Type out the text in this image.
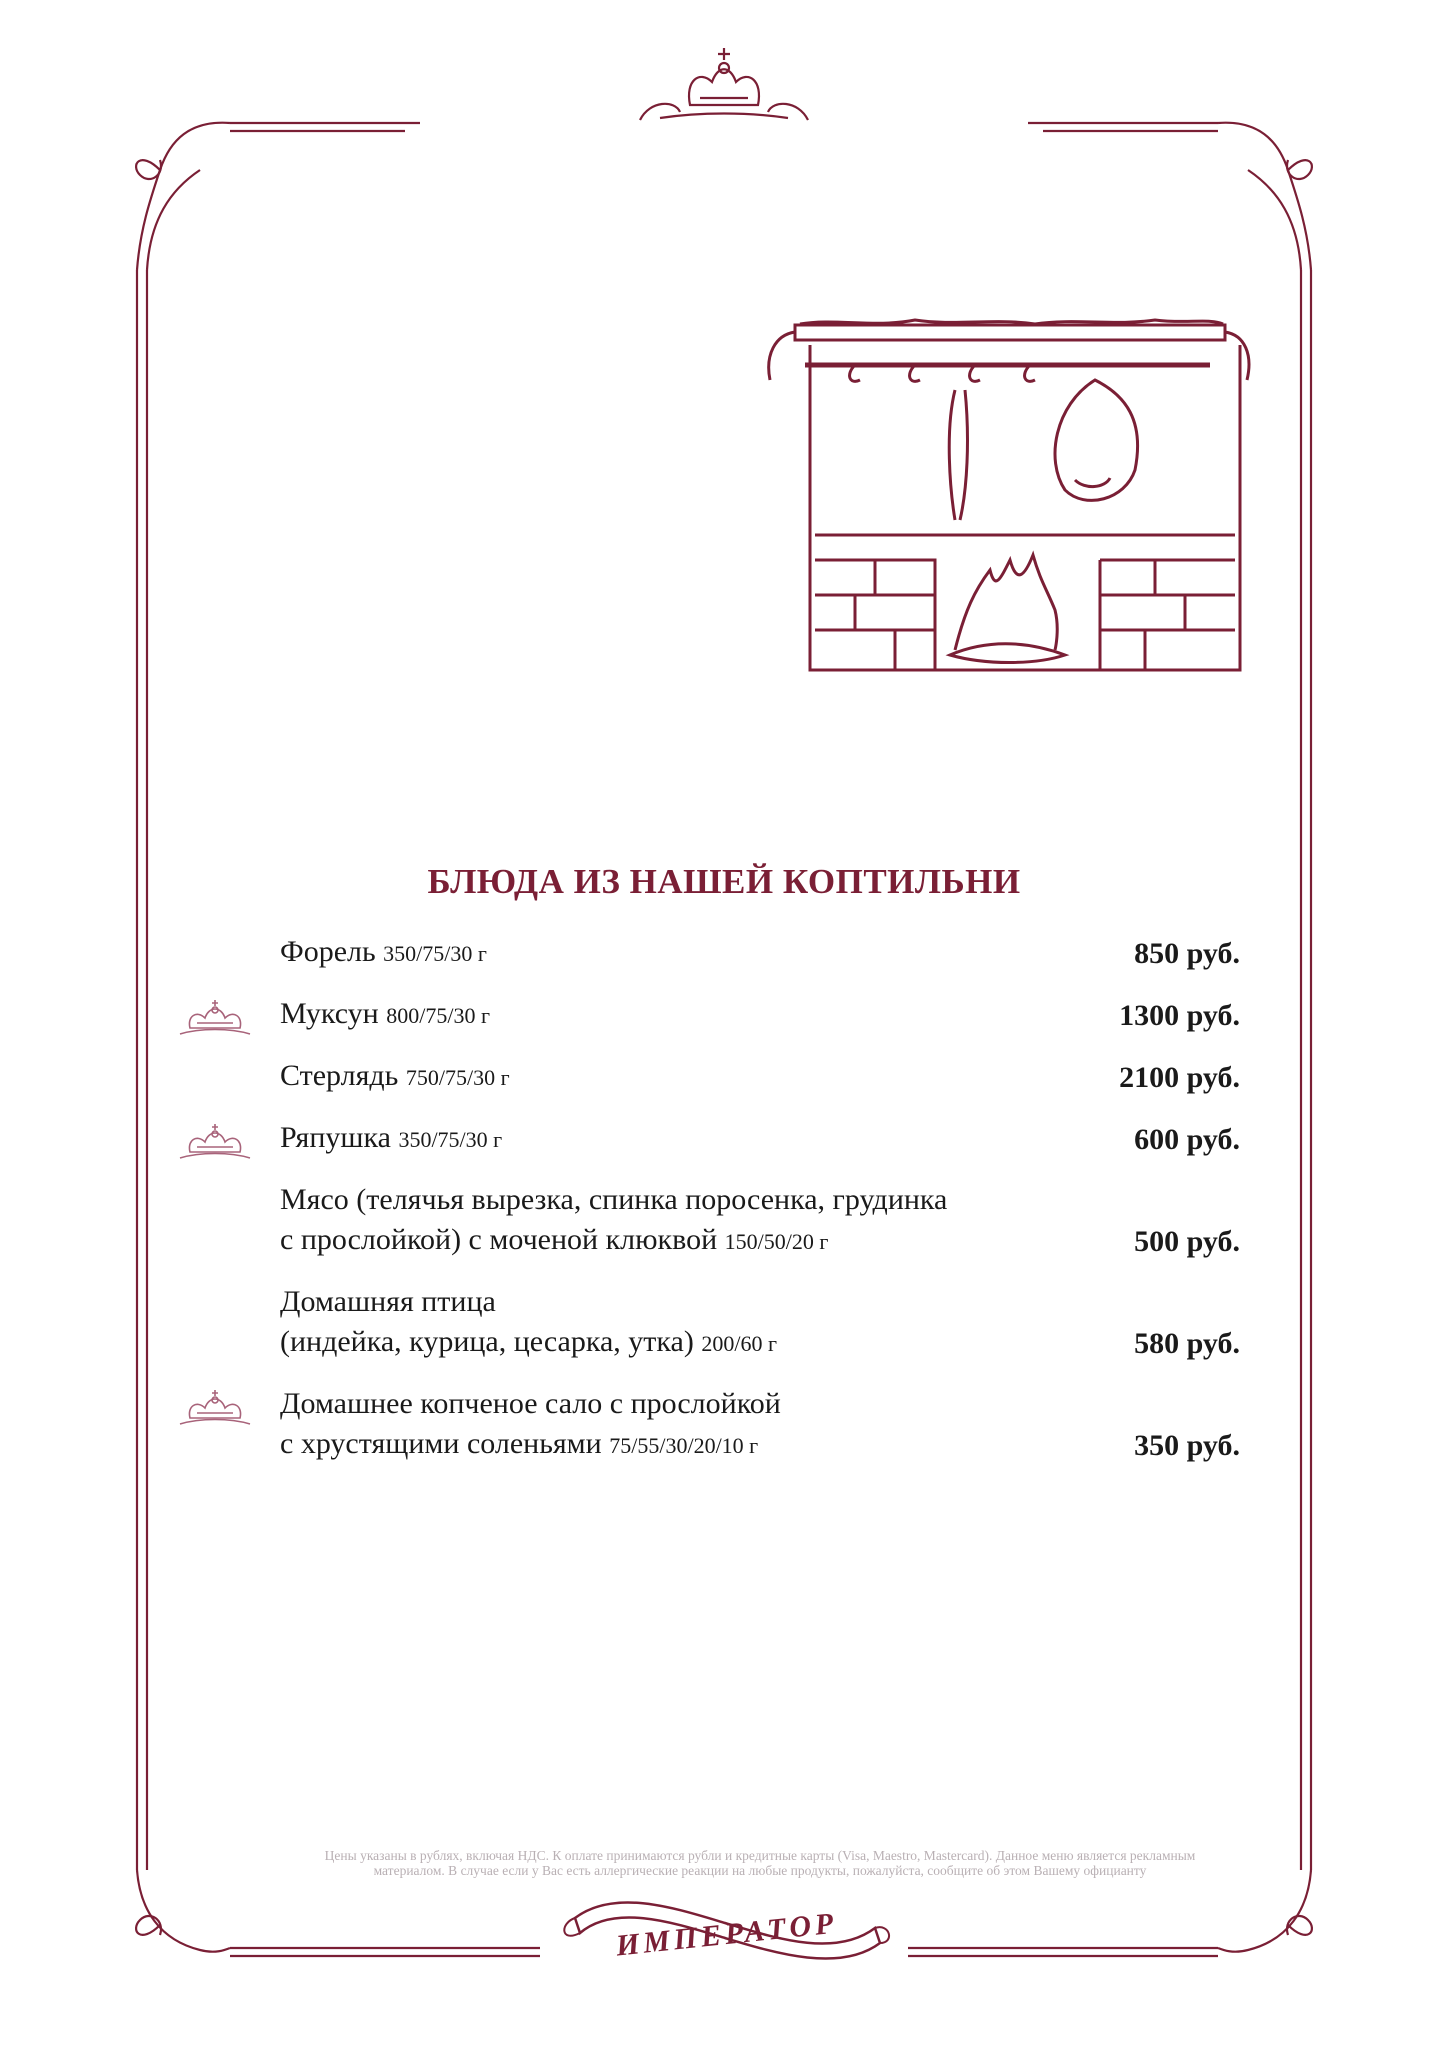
БЛЮДА ИЗ НАШЕЙ КОПТИЛЬНИ
Форель 350/75/30 г	850 руб.
Муксун 800/75/30 г	1300 руб.
Стерлядь 750/75/30 г	2100 руб.
Ряпушка 350/75/30 г	600 руб.
Мясо (телячья вырезка, спинка поросенка, грудинка
с прослойкой) с моченой клюквой 150/50/20 г	500 руб.
Домашняя птица
(индейка, курица, цесарка, утка) 200/60 г	580 руб.
Домашнее копченое сало с прослойкой
с хрустящими соленьями 75/55/30/20/10 г	350 руб.
Цены указаны в рублях, включая НДС. К оплате принимаются рубли и кредитные карты (Visa, Maestro, Mastercard). Данное меню является рекламным
материалом. В случае если у Вас есть аллергические реакции на любые продукты, пожалуйста, сообщите об этом Вашему официанту
ИМПЕРАТОР
